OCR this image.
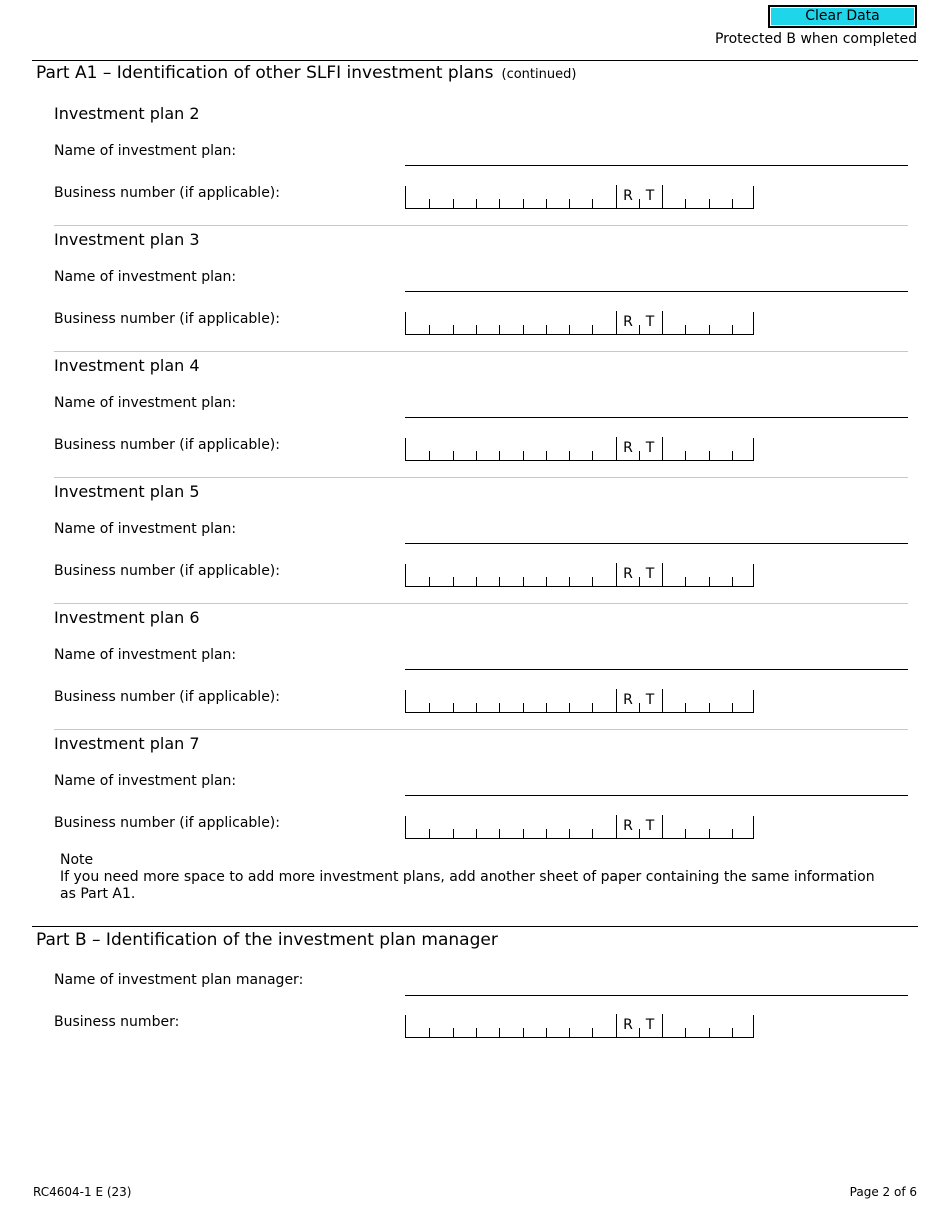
Clear Data
Protected B when completed
Part A1 – Identification of other SLFI investment plans (continued)
Investment plan 2
Name of investment plan:
Business number (if applicable):	R T
Investment plan 3
Name of investment plan:
Business number (if applicable):	R T
Investment plan 4
Name of investment plan:
Business number (if applicable):	R T
Investment plan 5
Name of investment plan:
Business number (if applicable):	R T
Investment plan 6
Name of investment plan:
Business number (if applicable):	R T
Investment plan 7
Name of investment plan:
Business number (if applicable):	R T
Note
If you need more space to add more investment plans, add another sheet of paper containing the same information as Part A1.
Part B – Identification of the investment plan manager
Name of investment plan manager:
Business number:	R T
RC4604-1 E (23)	Page 2 of 6
